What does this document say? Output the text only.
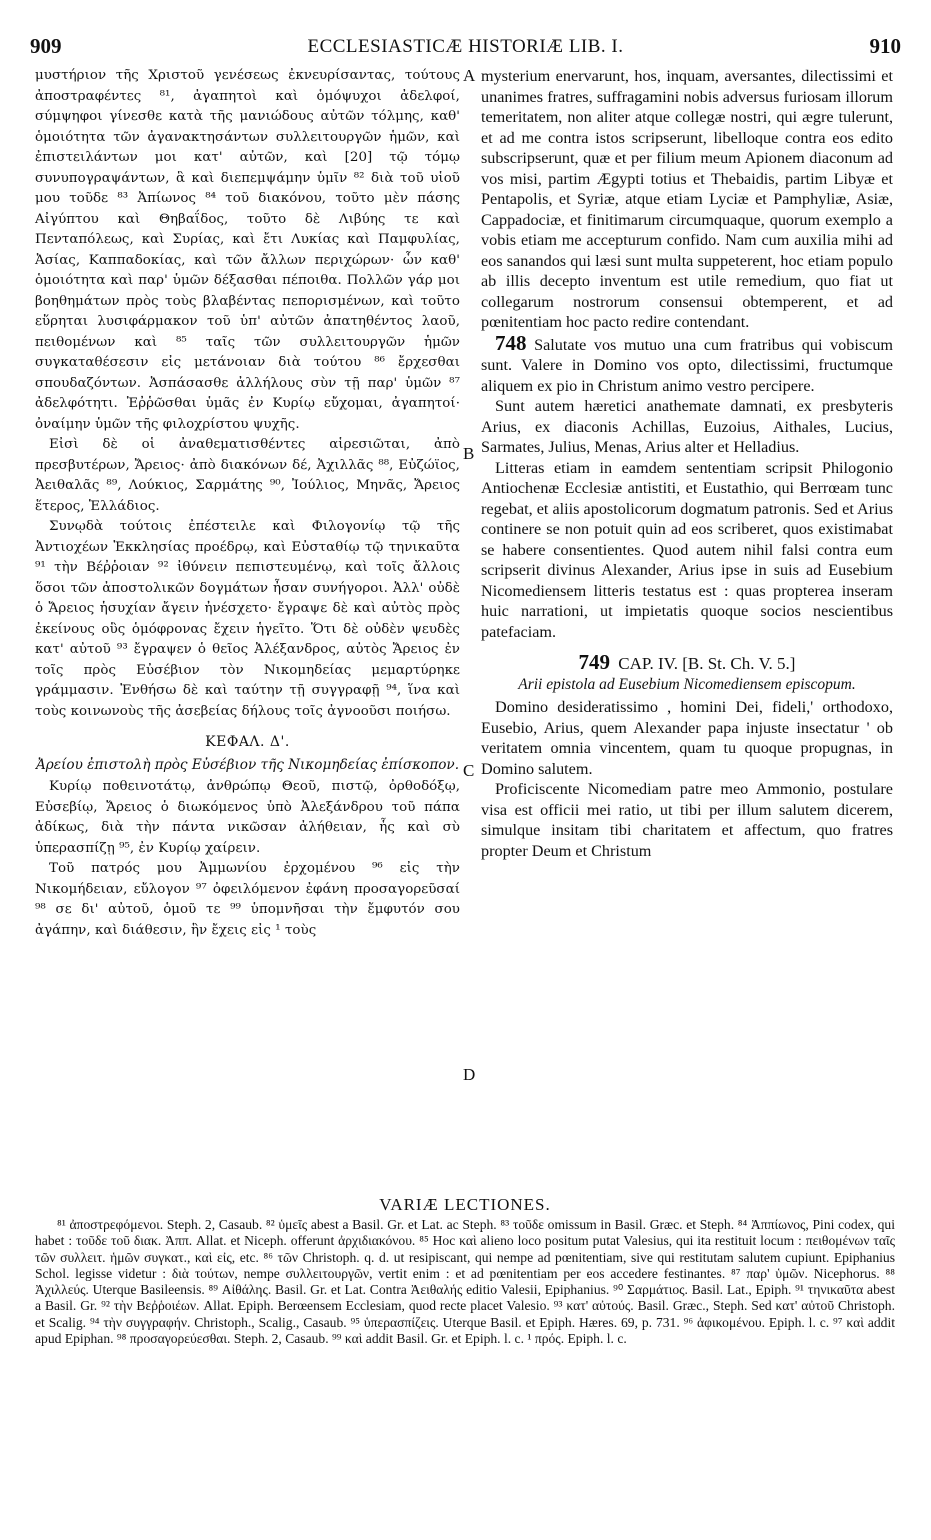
909	ECCLESIASTICÆ HISTORIÆ LIB. I.	910
A
B
C
D

μυστήριον τῆς Χριστοῦ γενέσεως ἐκνευρίσαντας, τούτους ἀποστραφέντες ⁸¹, ἀγαπητοὶ καὶ ὁμόψυχοι ἀδελφοί, σύμψηφοι γίνεσθε κατὰ τῆς μανιώδους αὐτῶν τόλμης, καθ' ὁμοιότητα τῶν ἀγανακτησάντων συλλειτουργῶν ἡμῶν, καὶ ἐπιστειλάντων μοι κατ' αὐτῶν, καὶ [20] τῷ τόμῳ συνυπογραψάντων, ἃ καὶ διεπεμψάμην ὑμῖν ⁸² διὰ τοῦ υἱοῦ μου τοῦδε ⁸³ Ἀπίωνος ⁸⁴ τοῦ διακόνου, τοῦτο μὲν πάσης Αἰγύπτου καὶ Θηβαΐδος, τοῦτο δὲ Λιβύης τε καὶ Πενταπόλεως, καὶ Συρίας, καὶ ἔτι Λυκίας καὶ Παμφυλίας, Ἀσίας, Καππαδοκίας, καὶ τῶν ἄλλων περιχώρων· ὧν καθ' ὁμοιότητα καὶ παρ' ὑμῶν δέξασθαι πέποιθα. Πολλῶν γάρ μοι βοηθημάτων πρὸς τοὺς βλαβέντας πεπορισμένων, καὶ τοῦτο εὕρηται λυσιφάρμακον τοῦ ὑπ' αὐτῶν ἀπατηθέντος λαοῦ, πειθομένων καὶ ⁸⁵ ταῖς τῶν συλλειτουργῶν ἡμῶν συγκαταθέσεσιν εἰς μετάνοιαν διὰ τούτου ⁸⁶ ἔρχεσθαι σπουδαζόντων. Ἀσπάσασθε ἀλλήλους σὺν τῇ παρ' ὑμῶν ⁸⁷ ἀδελφότητι. Ἐῤῥῶσθαι ὑμᾶς ἐν Κυρίῳ εὔχομαι, ἀγαπητοί· ὀναίμην ὑμῶν τῆς φιλοχρίστου ψυχῆς.

Εἰσὶ δὲ οἱ ἀναθεματισθέντες αἱρεσιῶται, ἀπὸ πρεσβυτέρων, Ἄρειος· ἀπὸ διακόνων δέ, Ἀχιλλᾶς ⁸⁸, Εὐζώϊος, Ἀειθαλᾶς ⁸⁹, Λούκιος, Σαρμάτης ⁹⁰, Ἰούλιος, Μηνᾶς, Ἄρειος ἕτερος, Ἑλλάδιος.

Συνῳδὰ τούτοις ἐπέστειλε καὶ Φιλογονίῳ τῷ τῆς Ἀντιοχέων Ἐκκλησίας προέδρῳ, καὶ Εὐσταθίῳ τῷ τηνικαῦτα ⁹¹ τὴν Βέῤῥοιαν ⁹² ἰθύνειν πεπιστευμένῳ, καὶ τοῖς ἄλλοις ὅσοι τῶν ἀποστολικῶν δογμάτων ἦσαν συνήγοροι. Ἀλλ' οὐδὲ ὁ Ἄρειος ἡσυχίαν ἄγειν ἠνέσχετο· ἔγραψε δὲ καὶ αὐτὸς πρὸς ἐκείνους οὓς ὁμόφρονας ἔχειν ἡγεῖτο. Ὅτι δὲ οὐδὲν ψευδὲς κατ' αὐτοῦ ⁹³ ἔγραψεν ὁ θεῖος Ἀλέξανδρος, αὐτὸς Ἄρειος ἐν τοῖς πρὸς Εὐσέβιον τὸν Νικομηδείας μεμαρτύρηκε γράμμασιν. Ἐνθήσω δὲ καὶ ταύτην τῇ συγγραφῇ ⁹⁴, ἵνα καὶ τοὺς κοινωνοὺς τῆς ἀσεβείας δήλους τοῖς ἀγνοοῦσι ποιήσω.

ΚΕΦΑΛ. Δ'.
Ἀρείου ἐπιστολὴ πρὸς Εὐσέβιον τῆς Νικομηδείας ἐπίσκοπον.

Κυρίῳ ποθεινοτάτῳ, ἀνθρώπῳ Θεοῦ, πιστῷ, ὀρθοδόξῳ, Εὐσεβίῳ, Ἄρειος ὁ διωκόμενος ὑπὸ Ἀλεξάνδρου τοῦ πάπα ἀδίκως, διὰ τὴν πάντα νικῶσαν ἀλήθειαν, ἧς καὶ σὺ ὑπερασπίζῃ ⁹⁵, ἐν Κυρίῳ χαίρειν.

Τοῦ πατρός μου Ἀμμωνίου ἐρχομένου ⁹⁶ εἰς τὴν Νικομήδειαν, εὔλογον ⁹⁷ ὀφειλόμενον ἐφάνη προσαγορεῦσαί ⁹⁸ σε δι' αὐτοῦ, ὁμοῦ τε ⁹⁹ ὑπομνῆσαι τὴν ἔμφυτόν σου ἀγάπην, καὶ διάθεσιν, ἣν ἔχεις εἰς ¹ τοὺς

mysterium enervarunt, hos, inquam, aversantes, dilectissimi et unanimes fratres, suffragamini nobis adversus furiosam illorum temeritatem, non aliter atque collegæ nostri, qui ægre tulerunt, et ad me contra istos scripserunt, libelloque contra eos edito subscripserunt, quæ et per filium meum Apionem diaconum ad vos misi, partim Ægypti totius et Thebaidis, partim Libyæ et Pentapolis, et Syriæ, atque etiam Lyciæ et Pamphyliæ, Asiæ, Cappadociæ, et finitimarum circumquaque, quorum exemplo a vobis etiam me accepturum confido. Nam cum auxilia mihi ad eos sanandos qui læsi sunt multa suppeterent, hoc etiam populo ab illis decepto inventum est utile remedium, quo fiat ut collegarum nostrorum consensui obtemperent, et ad pœnitentiam hoc pacto redire contendant.

748 Salutate vos mutuo una cum fratribus qui vobiscum sunt. Valere in Domino vos opto, dilectissimi, fructumque aliquem ex pio in Christum animo vestro percipere.

Sunt autem hæretici anathemate damnati, ex presbyteris Arius, ex diaconis Achillas, Euzoius, Aithales, Lucius, Sarmates, Julius, Menas, Arius alter et Helladius.

Litteras etiam in eamdem sententiam scripsit Philogonio Antiochenæ Ecclesiæ antistiti, et Eustathio, qui Berrœam tunc regebat, et aliis apostolicorum dogmatum patronis. Sed et Arius continere se non potuit quin ad eos scriberet, quos existimabat se habere consentientes. Quod autem nihil falsi contra eum scripserit divinus Alexander, Arius ipse in suis ad Eusebium Nicomediensem litteris testatus est : quas propterea inseram huic narrationi, ut impietatis quoque socios nescientibus patefaciam.

749 CAP. IV. [B. St. Ch. V. 5.]
Arii epistola ad Eusebium Nicomediensem episcopum.

Domino desideratissimo , homini Dei, fideli,' orthodoxo, Eusebio, Arius, quem Alexander papa injuste insectatur ' ob veritatem omnia vincentem, quam tu quoque propugnas, in Domino salutem.

Proficiscente Nicomediam patre meo Ammonio, postulare visa est officii mei ratio, ut tibi per illum salutem dicerem, simulque insitam tibi charitatem et affectum, quo fratres propter Deum et Christum

VARIÆ LECTIONES.

⁸¹ ἀποστρεφόμενοι. Steph. 2, Casaub. ⁸² ὑμεῖς abest a Basil. Gr. et Lat. ac Steph. ⁸³ τοῦδε omissum in Basil. Græc. et Steph. ⁸⁴ Ἀππίωνος, Pini codex, qui habet : τοῦδε τοῦ διακ. Ἀππ. Allat. et Niceph. offerunt ἀρχιδιακόνου. ⁸⁵ Hoc καὶ alieno loco positum putat Valesius, qui ita restituit locum : πειθομένων ταῖς τῶν συλλειτ. ἡμῶν συγκατ., καὶ εἰς, etc. ⁸⁶ τῶν Christoph. q. d. ut resipiscant, qui nempe ad pœnitentiam, sive qui restitutam salutem cupiunt. Epiphanius Schol. legisse videtur : διὰ τούτων, nempe συλλειτουργῶν, vertit enim : et ad pœnitentiam per eos accedere festinantes. ⁸⁷ παρ' ὑμῶν. Nicephorus. ⁸⁸ Ἀχιλλεύς. Uterque Basileensis. ⁸⁹ Αἰθάλης. Basil. Gr. et Lat. Contra Ἀειθαλής editio Valesii, Epiphanius. ⁹⁰ Σαρμάτιος. Basil. Lat., Epiph. ⁹¹ τηνικαῦτα abest a Basil. Gr. ⁹² τὴν Βεῤῥοιέων. Allat. Epiph. Berœensem Ecclesiam, quod recte placet Valesio. ⁹³ κατ' αὐτούς. Basil. Græc., Steph. Sed κατ' αὐτοῦ Christoph. et Scalig. ⁹⁴ τὴν συγγραφήν. Christoph., Scalig., Casaub. ⁹⁵ ὑπερασπίζεις. Uterque Basil. et Epiph. Hæres. 69, p. 731. ⁹⁶ ἀφικομένου. Epiph. l. c. ⁹⁷ καὶ addit apud Epiphan. ⁹⁸ προσαγορεύεσθαι. Steph. 2, Casaub. ⁹⁹ καὶ addit Basil. Gr. et Epiph. l. c. ¹ πρός. Epiph. l. c.
